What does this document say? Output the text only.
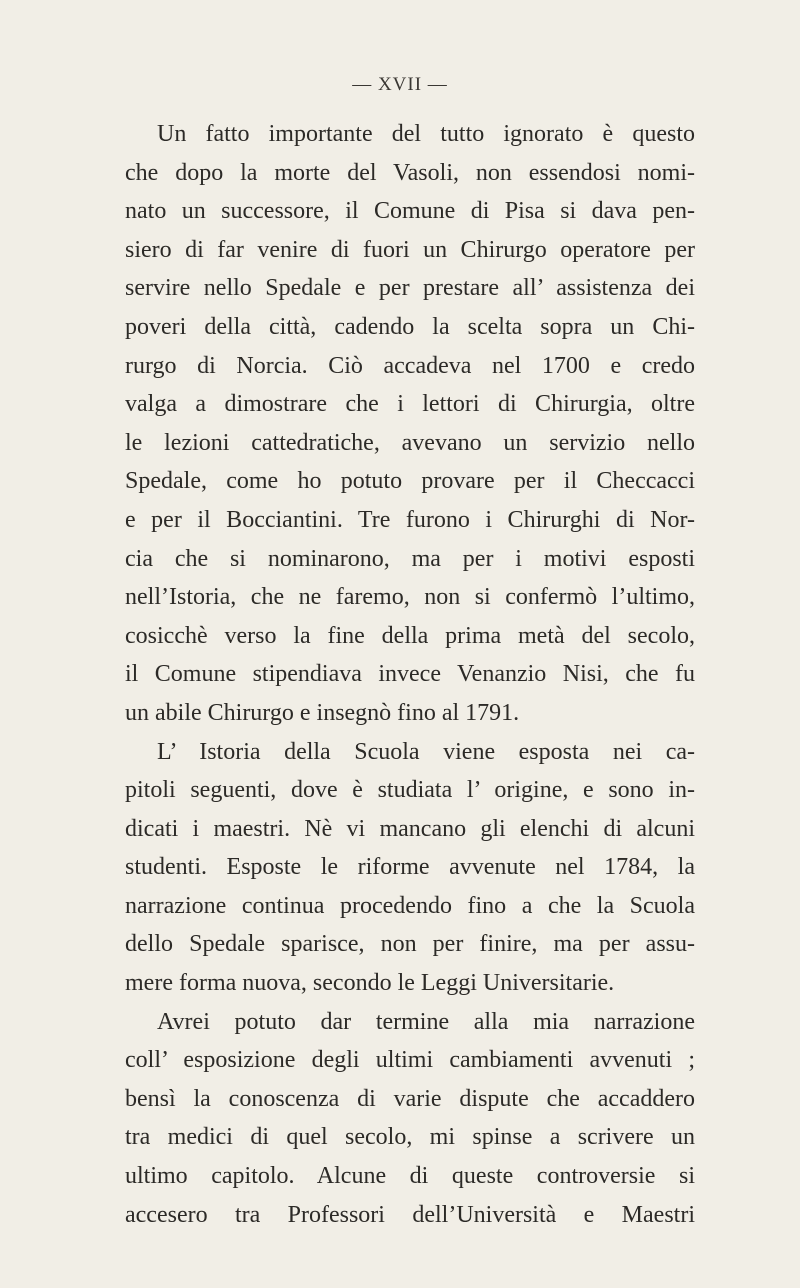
— XVII —
Un fatto importante del tutto ignorato è questo
che dopo la morte del Vasoli, non essendosi nomi-
nato un successore, il Comune di Pisa si dava pen-
siero di far venire di fuori un Chirurgo operatore per
servire nello Spedale e per prestare all’ assistenza dei
poveri della città, cadendo la scelta sopra un Chi-
rurgo di Norcia. Ciò accadeva nel 1700 e credo
valga a dimostrare che i lettori di Chirurgia, oltre
le lezioni cattedratiche, avevano un servizio nello
Spedale, come ho potuto provare per il Checcacci
e per il Bocciantini. Tre furono i Chirurghi di Nor-
cia che si nominarono, ma per i motivi esposti
nell’Istoria, che ne faremo, non si confermò l’ultimo,
cosicchè verso la fine della prima metà del secolo,
il Comune stipendiava invece Venanzio Nisi, che fu
un abile Chirurgo e insegnò fino al 1791.
L’ Istoria della Scuola viene esposta nei ca-
pitoli seguenti, dove è studiata l’ origine, e sono in-
dicati i maestri. Nè vi mancano gli elenchi di alcuni
studenti. Esposte le riforme avvenute nel 1784, la
narrazione continua procedendo fino a che la Scuola
dello Spedale sparisce, non per finire, ma per assu-
mere forma nuova, secondo le Leggi Universitarie.
Avrei potuto dar termine alla mia narrazione
coll’ esposizione degli ultimi cambiamenti avvenuti ;
bensì la conoscenza di varie dispute che accaddero
tra medici di quel secolo, mi spinse a scrivere un
ultimo capitolo. Alcune di queste controversie si
accesero tra Professori dell’Università e Maestri
